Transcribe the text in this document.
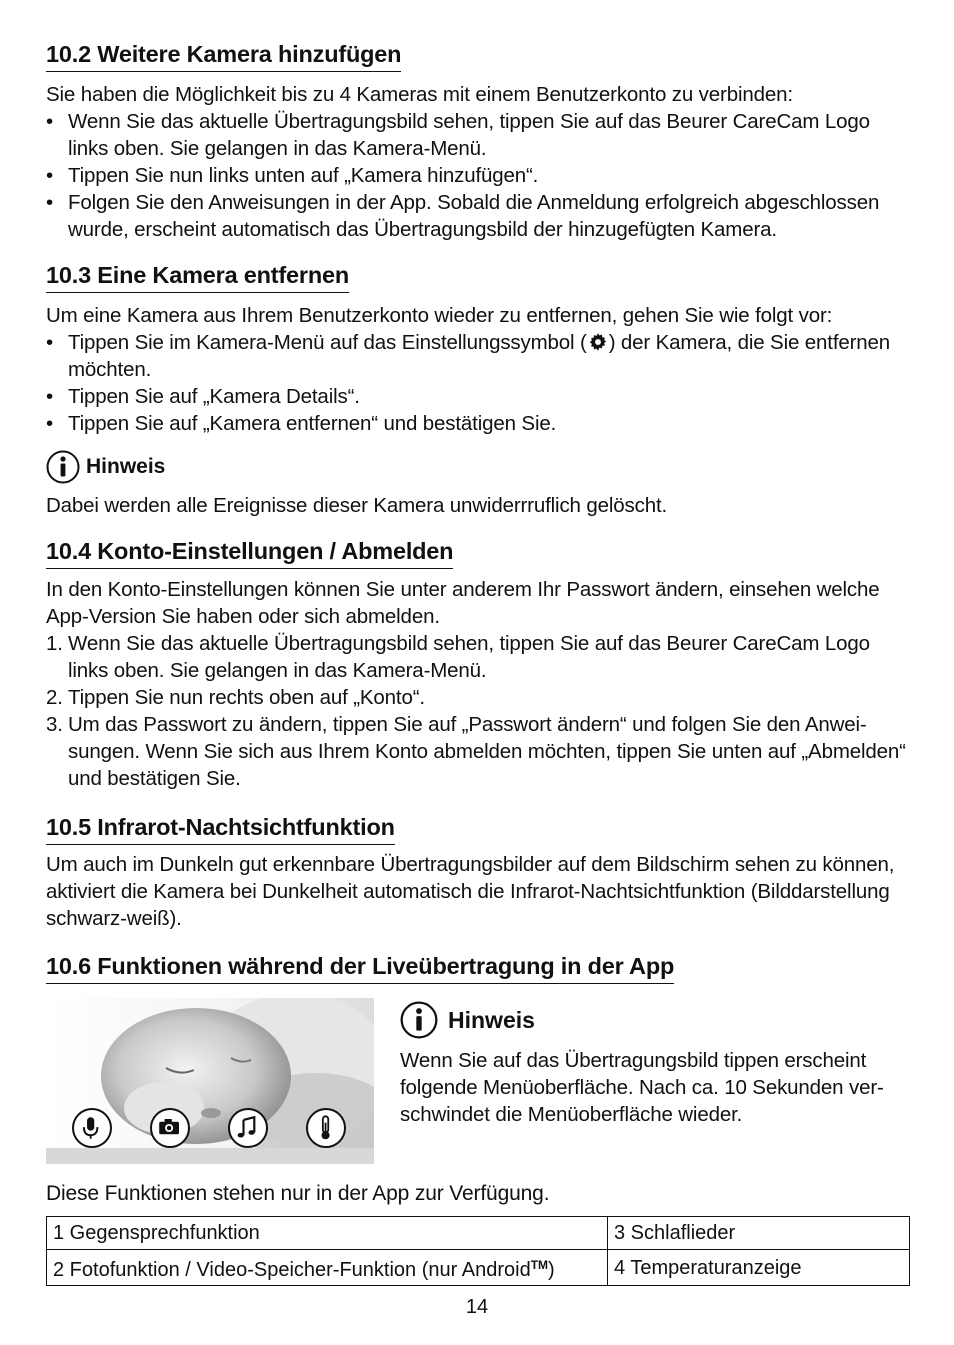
10.2 Weitere Kamera hinzufügen

Sie haben die Möglichkeit bis zu 4 Kameras mit einem Benutzerkonto zu verbinden:

• Wenn Sie das aktuelle Übertragungsbild sehen, tippen Sie auf das Beurer CareCam Logo links oben. Sie gelangen in das Kamera-Menü.
• Tippen Sie nun links unten auf „Kamera hinzufügen“.
• Folgen Sie den Anweisungen in der App. Sobald die Anmeldung erfolgreich abgeschlossen wurde, erscheint automatisch das Übertragungsbild der hinzugefügten Kamera.
10.3 Eine Kamera entfernen

Um eine Kamera aus Ihrem Benutzerkonto wieder zu entfernen, gehen Sie wie folgt vor:

• Tippen Sie im Kamera-Menü auf das Einstellungssymbol ( ) der Kamera, die Sie entfernen möchten.
• Tippen Sie auf „Kamera Details“.
• Tippen Sie auf „Kamera entfernen“ und bestätigen Sie.
Hinweis

Dabei werden alle Ereignisse dieser Kamera unwiderrruflich gelöscht.

10.4 Konto-Einstellungen / Abmelden

In den Konto-Einstellungen können Sie unter anderem Ihr Passwort ändern, einsehen welche App-Version Sie haben oder sich abmelden.

1. Wenn Sie das aktuelle Übertragungsbild sehen, tippen Sie auf das Beurer CareCam Logo links oben. Sie gelangen in das Kamera-Menü.
2. Tippen Sie nun rechts oben auf „Konto“.
3. Um das Passwort zu ändern, tippen Sie auf „Passwort ändern“ und folgen Sie den Anweisungen. Wenn Sie sich aus Ihrem Konto abmelden möchten, tippen Sie unten auf „Abmelden“ und bestätigen Sie.
10.5 Infrarot-Nachtsichtfunktion

Um auch im Dunkeln gut erkennbare Übertragungsbilder auf dem Bildschirm sehen zu können, aktiviert die Kamera bei Dunkelheit automatisch die Infrarot-Nachtsichtfunktion (Bilddarstellung schwarz-weiß).

10.6 Funktionen während der Liveübertragung in der App
Hinweis

Wenn Sie auf das Übertragungsbild tippen erscheint folgende Menüoberfläche. Nach ca. 10 Sekunden verschwindet die Menüoberfläche wieder.

Diese Funktionen stehen nur in der App zur Verfügung.

1 Gegensprechfunktion	3 Schlaflieder
2 Fotofunktion / Video-Speicher-Funktion (nur Android™)	4 Temperaturanzeige
14
